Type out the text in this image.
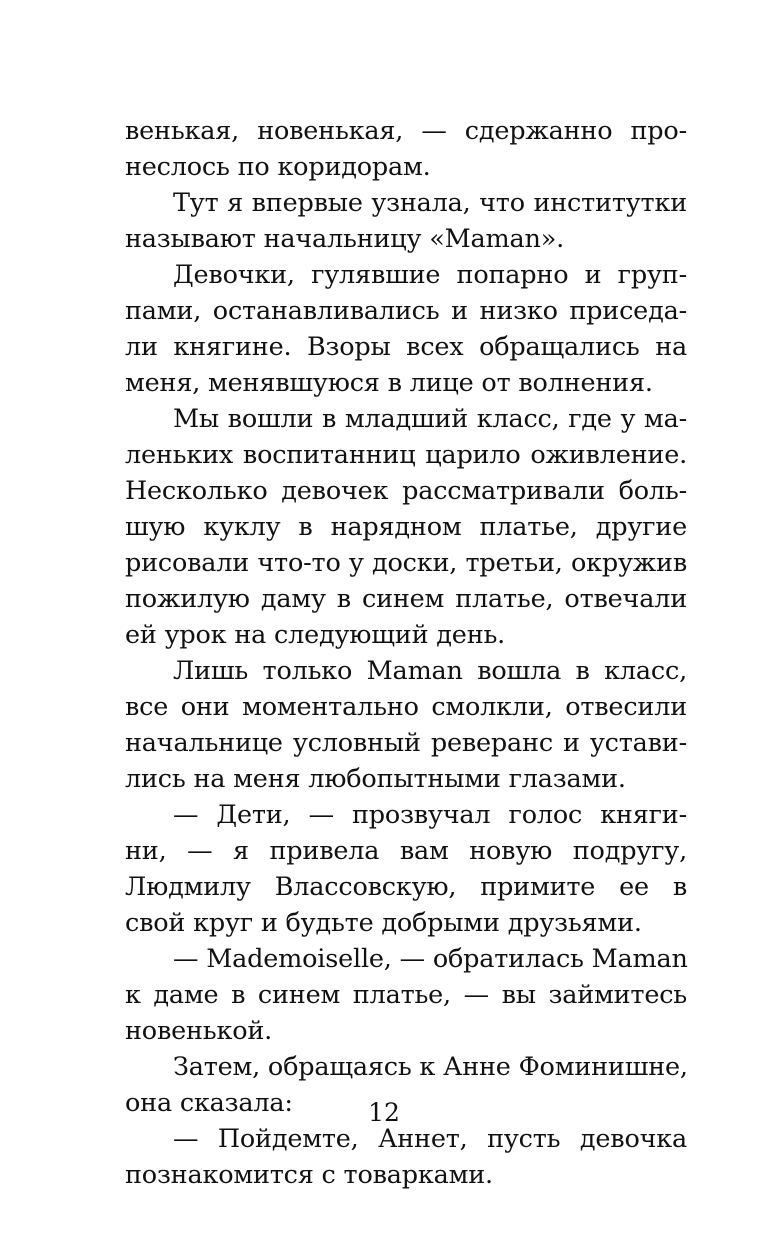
венькая, новенькая, — сдержанно про-
неслось по коридорам.
Тут я впервые узнала, что институтки
называют начальницу «Maman».
Девочки, гулявшие попарно и груп-
пами, останавливались и низко приседа-
ли княгине. Взоры всех обращались на
меня, менявшуюся в лице от волнения.
Мы вошли в младший класс, где у ма-
леньких воспитанниц царило оживление.
Несколько девочек рассматривали боль-
шую куклу в нарядном платье, другие
рисовали что-то у доски, третьи, окружив
пожилую даму в синем платье, отвечали
ей урок на следующий день.
Лишь только Maman вошла в класс,
все они моментально смолкли, отвесили
начальнице условный реверанс и устави-
лись на меня любопытными глазами.
— Дети, — прозвучал голос княги-
ни, — я привела вам новую подругу,
Людмилу Влассовскую, примите ее в
свой круг и будьте добрыми друзьями.
— Mademoiselle, — обратилась Maman
к даме в синем платье, — вы займитесь
новенькой.
Затем, обращаясь к Анне Фоминишне,
она сказала:
— Пойдемте, Аннет, пусть девочка
познакомится с товарками.
12
